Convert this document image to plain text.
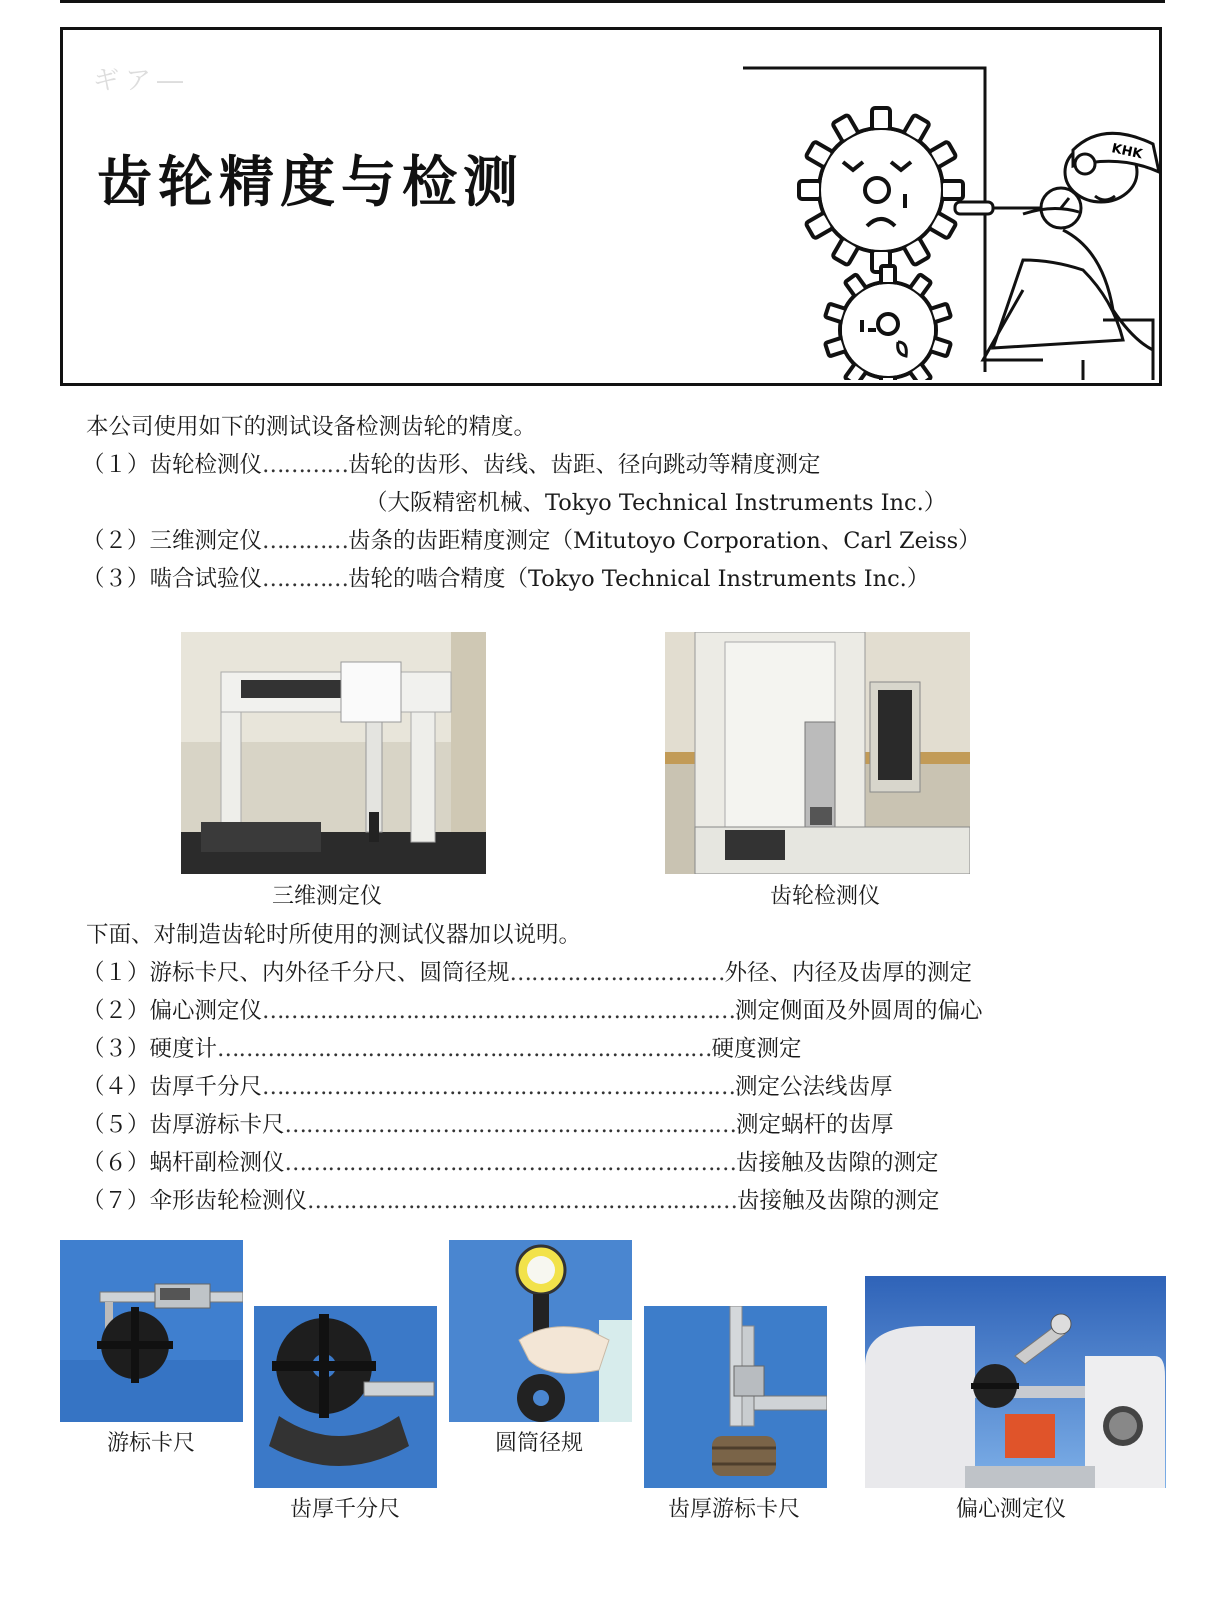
ギア―
齿轮精度与检测	KHK
本公司使用如下的测试设备检测齿轮的精度。
（１）齿轮检测仪…………齿轮的齿形、齿线、齿距、径向跳动等精度测定
（大阪精密机械、Tokyo Technical Instruments Inc.）
（２）三维测定仪…………齿条的齿距精度测定（Mitutoyo Corporation、Carl Zeiss）
（３）啮合试验仪…………齿轮的啮合精度（Tokyo Technical Instruments Inc.）
三维测定仪	齿轮检测仪
下面、对制造齿轮时所使用的测试仪器加以说明。
（１）游标卡尺、内外径千分尺、圆筒径规…………………………外径、内径及齿厚的测定
（２）偏心测定仪…………………………………………………………测定侧面及外圆周的偏心
（３）硬度计……………………………………………………………硬度测定
（４）齿厚千分尺…………………………………………………………测定公法线齿厚
（５）齿厚游标卡尺………………………………………………………测定蜗杆的齿厚
（６）蜗杆副检测仪………………………………………………………齿接触及齿隙的测定
（７）伞形齿轮检测仪……………………………………………………齿接触及齿隙的测定
游标卡尺
齿厚千分尺
圆筒径规
齿厚游标卡尺	偏心测定仪
